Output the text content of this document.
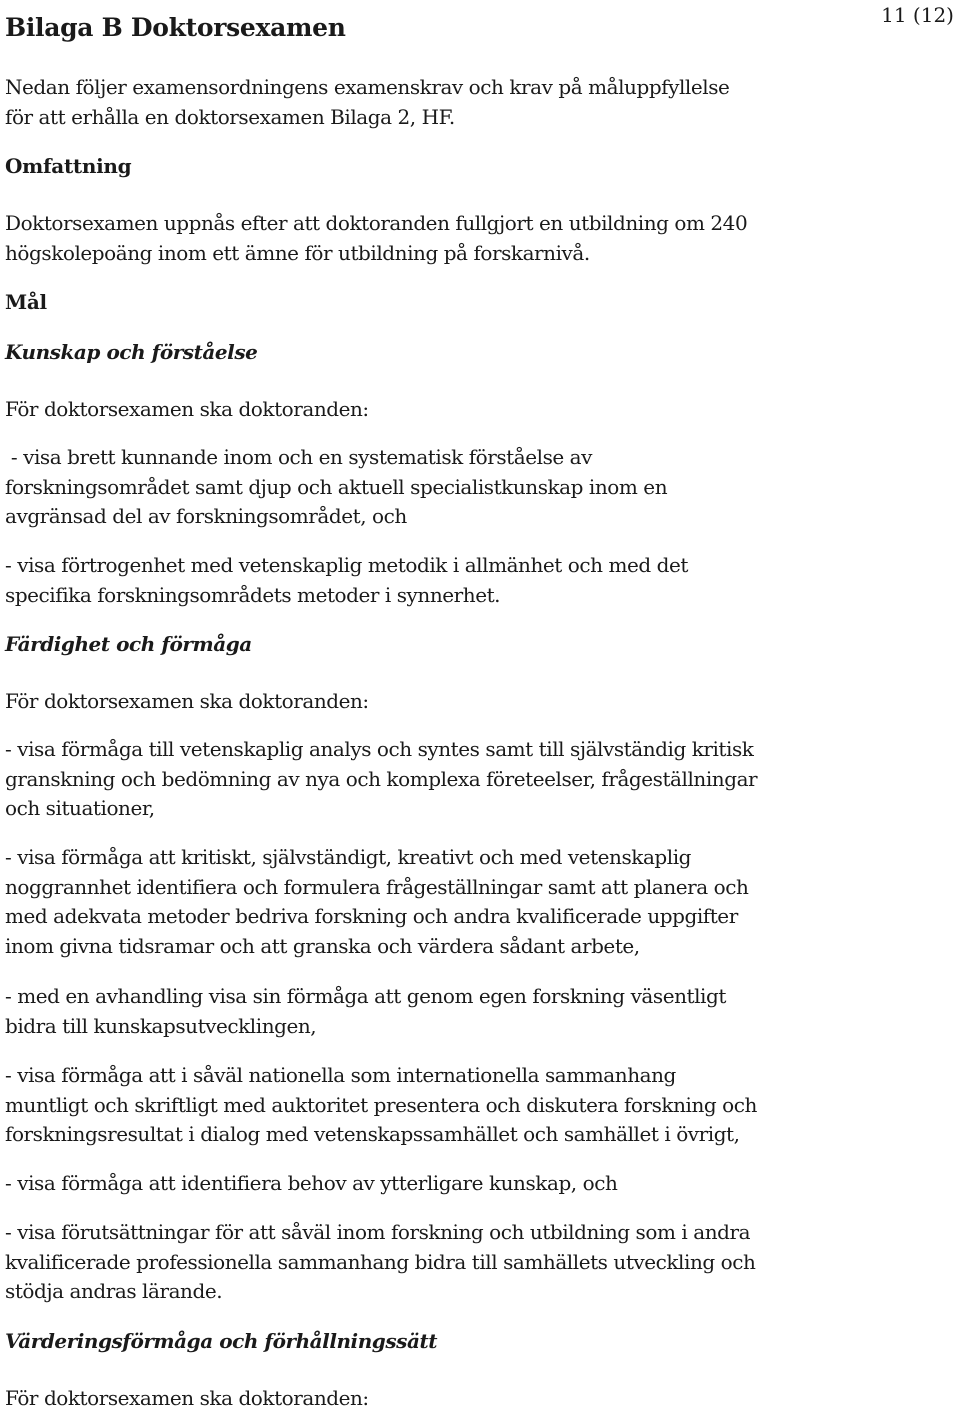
Bilaga B Doktorsexamen	11 (12)

Nedan följer examensordningens examenskrav och krav på måluppfyllelse
för att erhålla en doktorsexamen Bilaga 2, HF.

Omfattning

Doktorsexamen uppnås efter att doktoranden fullgjort en utbildning om 240
högskolepoäng inom ett ämne för utbildning på forskarnivå.

Mål
Kunskap och förståelse

För doktorsexamen ska doktoranden:

- visa brett kunnande inom och en systematisk förståelse av
forskningsområdet samt djup och aktuell specialistkunskap inom en
avgränsad del av forskningsområdet, och

- visa förtrogenhet med vetenskaplig metodik i allmänhet och med det
specifika forskningsområdets metoder i synnerhet.

Färdighet och förmåga

För doktorsexamen ska doktoranden:

- visa förmåga till vetenskaplig analys och syntes samt till självständig kritisk
granskning och bedömning av nya och komplexa företeelser, frågeställningar
och situationer,

- visa förmåga att kritiskt, självständigt, kreativt och med vetenskaplig
noggrannhet identifiera och formulera frågeställningar samt att planera och
med adekvata metoder bedriva forskning och andra kvalificerade uppgifter
inom givna tidsramar och att granska och värdera sådant arbete,

- med en avhandling visa sin förmåga att genom egen forskning väsentligt
bidra till kunskapsutvecklingen,

- visa förmåga att i såväl nationella som internationella sammanhang
muntligt och skriftligt med auktoritet presentera och diskutera forskning och
forskningsresultat i dialog med vetenskapssamhället och samhället i övrigt,

- visa förmåga att identifiera behov av ytterligare kunskap, och

- visa förutsättningar för att såväl inom forskning och utbildning som i andra
kvalificerade professionella sammanhang bidra till samhällets utveckling och
stödja andras lärande.

Värderingsförmåga och förhållningssätt

För doktorsexamen ska doktoranden:
